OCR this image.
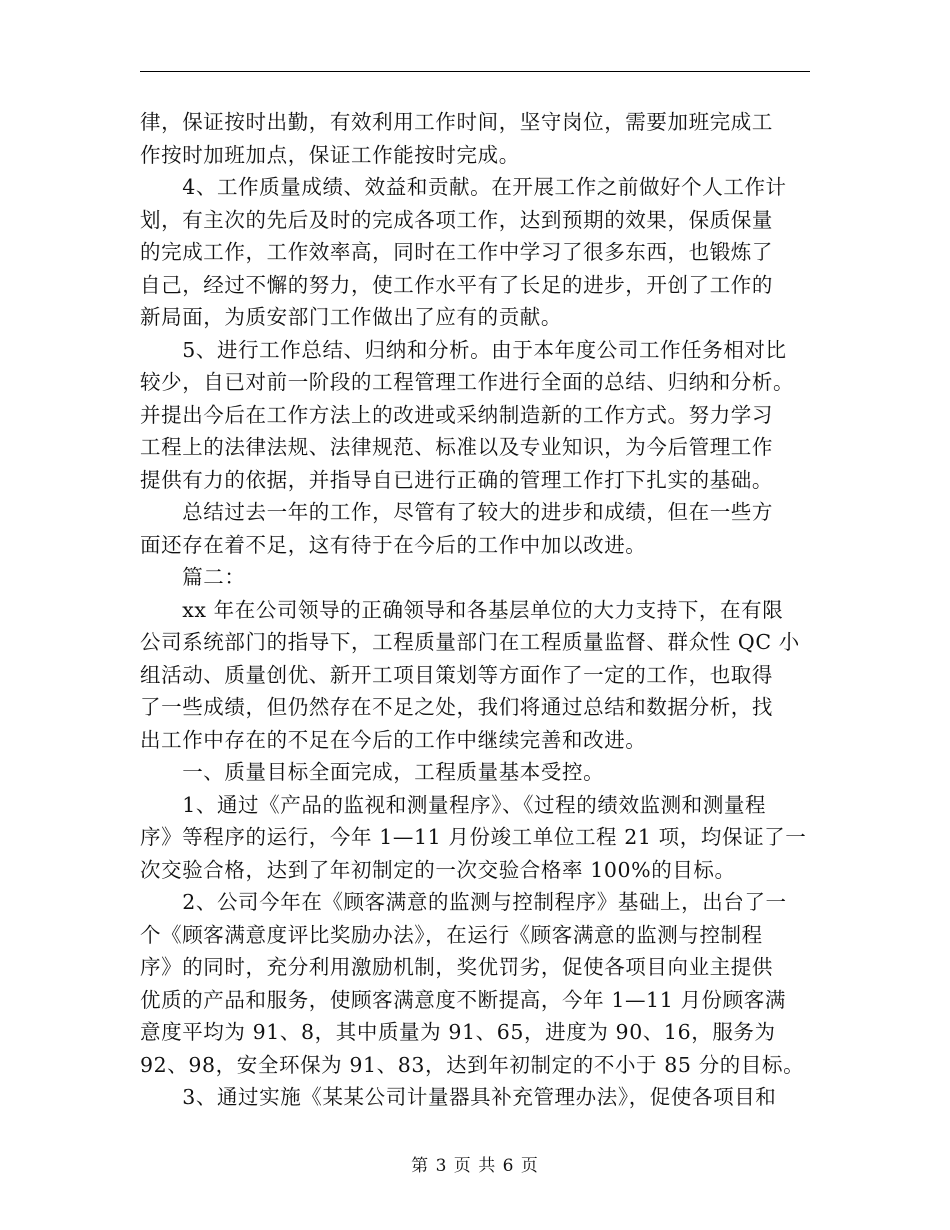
律，保证按时出勤，有效利用工作时间，坚守岗位，需要加班完成工
作按时加班加点，保证工作能按时完成。
　　4、工作质量成绩、效益和贡献。在开展工作之前做好个人工作计
划，有主次的先后及时的完成各项工作，达到预期的效果，保质保量
的完成工作，工作效率高，同时在工作中学习了很多东西，也锻炼了
自己，经过不懈的努力，使工作水平有了长足的进步，开创了工作的
新局面，为质安部门工作做出了应有的贡献。
　　5、进行工作总结、归纳和分析。由于本年度公司工作任务相对比
较少，自已对前一阶段的工程管理工作进行全面的总结、归纳和分析。
并提出今后在工作方法上的改进或采纳制造新的工作方式。努力学习
工程上的法律法规、法律规范、标准以及专业知识，为今后管理工作
提供有力的依据，并指导自已进行正确的管理工作打下扎实的基础。
　　总结过去一年的工作，尽管有了较大的进步和成绩，但在一些方
面还存在着不足，这有待于在今后的工作中加以改进。
　　篇二：
　　xx 年在公司领导的正确领导和各基层单位的大力支持下，在有限
公司系统部门的指导下，工程质量部门在工程质量监督、群众性 QC 小
组活动、质量创优、新开工项目策划等方面作了一定的工作，也取得
了一些成绩，但仍然存在不足之处，我们将通过总结和数据分析，找
出工作中存在的不足在今后的工作中继续完善和改进。
　　一、质量目标全面完成，工程质量基本受控。
　　1、通过《产品的监视和测量程序》、《过程的绩效监测和测量程
序》等程序的运行，今年 1—11 月份竣工单位工程 21 项，均保证了一
次交验合格，达到了年初制定的一次交验合格率 100%的目标。
　　2、公司今年在《顾客满意的监测与控制程序》基础上，出台了一
个《顾客满意度评比奖励办法》，在运行《顾客满意的监测与控制程
序》的同时，充分利用激励机制，奖优罚劣，促使各项目向业主提供
优质的产品和服务，使顾客满意度不断提高，今年 1—11 月份顾客满
意度平均为 91、8，其中质量为 91、65，进度为 90、16，服务为
92、98，安全环保为 91、83，达到年初制定的不小于 85 分的目标。
　　3、通过实施《某某公司计量器具补充管理办法》，促使各项目和
第 3 页 共 6 页
